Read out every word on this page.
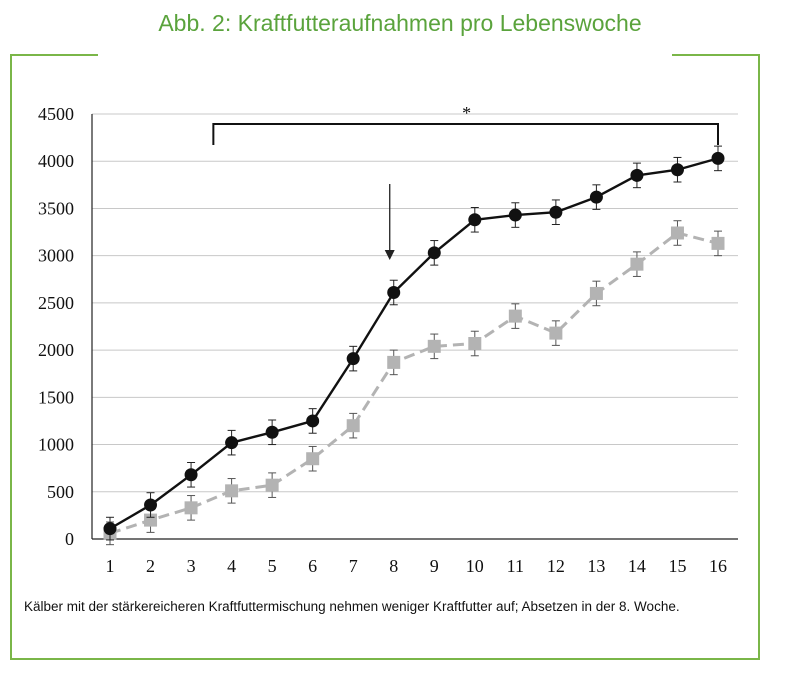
Abb. 2: Kraftfutteraufnahmen pro Lebenswoche
0
500
1000
1500
2000
2500
3000
3500
4000
4500
1 2 3 4 5 6 7 8 9 10 11 12 13 14 15 16
*
Kälber mit der stärkereicheren Kraftfuttermischung nehmen weniger Kraftfutter auf; Absetzen in der 8. Woche.
